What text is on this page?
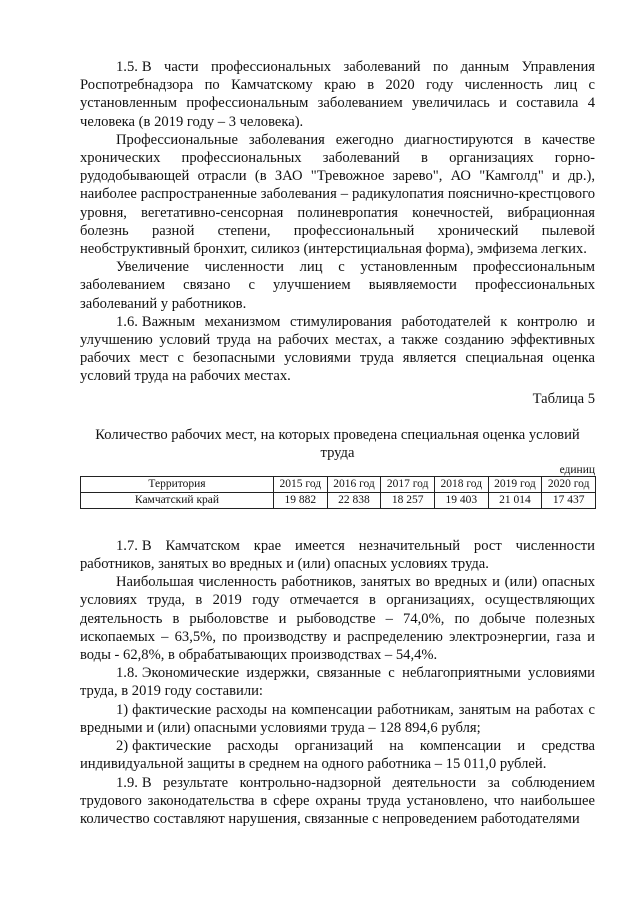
1.5. В части профессиональных заболеваний по данным Управления Роспотребнадзора по Камчатскому краю в 2020 году численность лиц с установленным профессиональным заболеванием увеличилась и составила 4 человека (в 2019 году – 3 человека).

Профессиональные заболевания ежегодно диагностируются в качестве хронических профессиональных заболеваний в организациях горно-рудодобывающей отрасли (в ЗАО "Тревожное зарево", АО "Камголд" и др.), наиболее распространенные заболевания – радикулопатия пояснично-крестцового уровня, вегетативно-сенсорная полиневропатия конечностей, вибрационная болезнь разной степени, профессиональный хронический пылевой необструктивный бронхит, силикоз (интерстициальная форма), эмфизема легких.

Увеличение численности лиц с установленным профессиональным заболеванием связано с улучшением выявляемости профессиональных заболеваний у работников.

1.6. Важным механизмом стимулирования работодателей к контролю и улучшению условий труда на рабочих местах, а также созданию эффективных рабочих мест с безопасными условиями труда является специальная оценка условий труда на рабочих местах.

Таблица 5
Количество рабочих мест, на которых проведена специальная оценка условий труда
единиц
Территория	2015 год	2016 год	2017 год	2018 год	2019 год	2020 год
Камчатский край	19 882	22 838	18 257	19 403	21 014	17 437

1.7. В Камчатском крае имеется незначительный рост численности работников, занятых во вредных и (или) опасных условиях труда.

Наибольшая численность работников, занятых во вредных и (или) опасных условиях труда, в 2019 году отмечается в организациях, осуществляющих деятельность в рыболовстве и рыбоводстве – 74,0%, по добыче полезных ископаемых – 63,5%, по производству и распределению электроэнергии, газа и воды - 62,8%, в обрабатывающих производствах – 54,4%.

1.8. Экономические издержки, связанные с неблагоприятными условиями труда, в 2019 году составили:

1) фактические расходы на компенсации работникам, занятым на работах с вредными и (или) опасными условиями труда – 128 894,6 рубля;

2) фактические расходы организаций на компенсации и средства индивидуальной защиты в среднем на одного работника – 15 011,0 рублей.

1.9. В результате контрольно-надзорной деятельности за соблюдением трудового законодательства в сфере охраны труда установлено, что наибольшее количество составляют нарушения, связанные с непроведением работодателями
